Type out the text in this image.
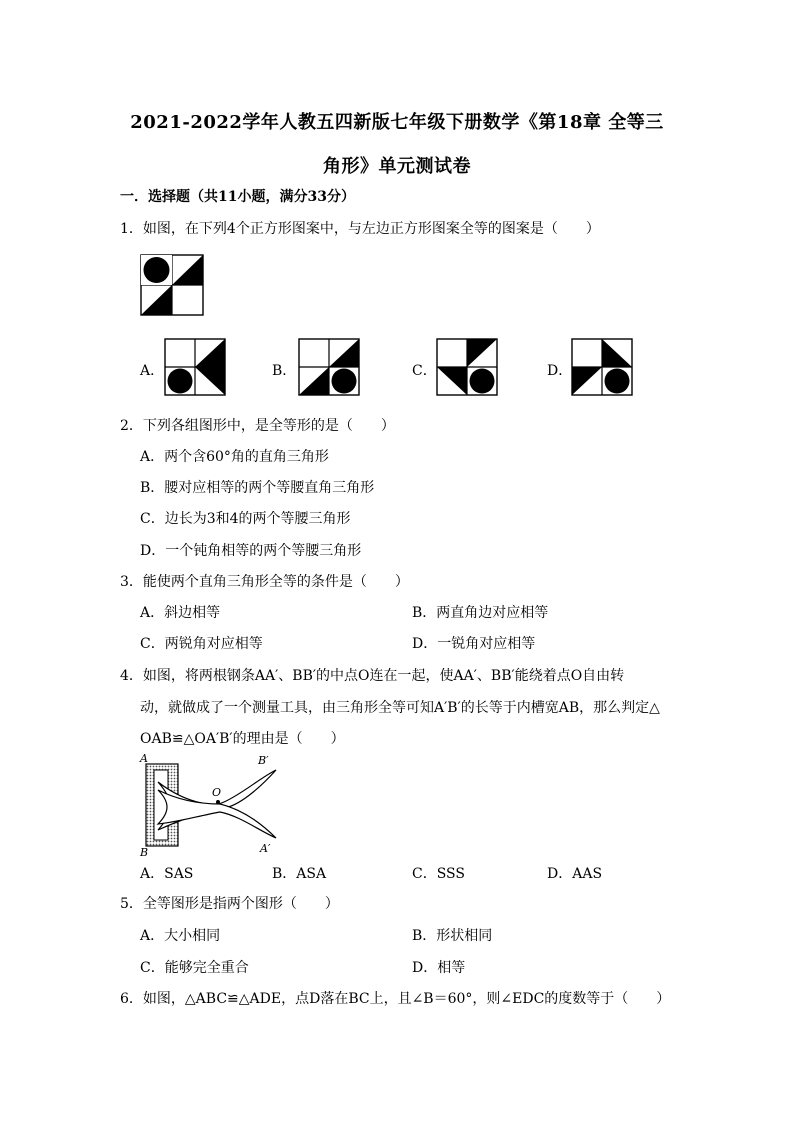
2021-2022学年人教五四新版七年级下册数学《第18章 全等三
角形》单元测试卷
一．选择题（共11小题，满分33分）
1．如图，在下列4个正方形图案中，与左边正方形图案全等的图案是（　　）
A．	B．	C．	D．
2．下列各组图形中，是全等形的是（　　）
A．两个含60°角的直角三角形
B．腰对应相等的两个等腰直角三角形
C．边长为3和4的两个等腰三角形
D．一个钝角相等的两个等腰三角形
3．能使两个直角三角形全等的条件是（　　）
A．斜边相等	B．两直角边对应相等
C．两锐角对应相等	D．一锐角对应相等
4．如图，将两根钢条AA′、BB′的中点O连在一起，使AA′、BB′能绕着点O自由转
动，就做成了一个测量工具，由三角形全等可知A′B′的长等于内槽宽AB，那么判定△
OAB≌△OA′B′的理由是（　　）
A
B
O
B′
A′
A．SAS	B．ASA	C．SSS	D．AAS
5．全等图形是指两个图形（　　）
A．大小相同	B．形状相同
C．能够完全重合	D．相等
6．如图，△ABC≌△ADE，点D落在BC上，且∠B＝60°，则∠EDC的度数等于（　　）
